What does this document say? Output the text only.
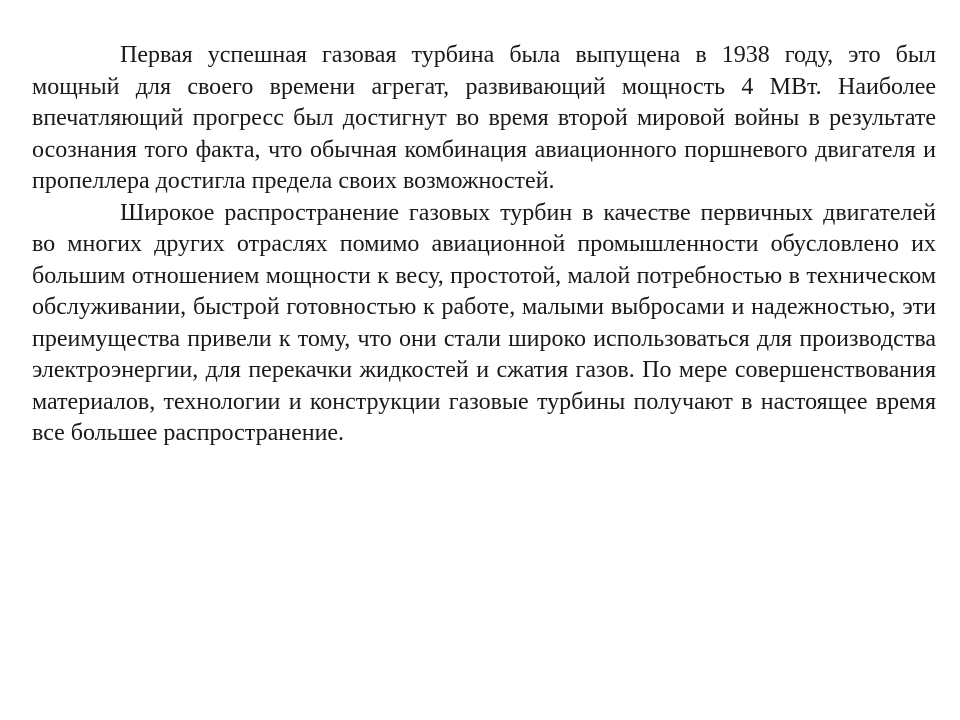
Первая успешная газовая турбина была выпущена в 1938 году, это был мощный для своего времени агрегат, развивающий мощность 4 МВт. Наиболее впечатляющий прогресс был достигнут во время второй мировой войны в результате осознания того факта, что обычная комбинация авиационного поршневого двигателя и пропеллера достигла предела своих возможностей.

Широкое распространение газовых турбин в качестве первичных двигателей во многих других отраслях помимо авиационной промышленности обусловлено их большим отношением мощности к весу, простотой, малой потребностью в техническом обслуживании, быстрой готовностью к работе, малыми выбросами и надежностью, эти преимущества привели к тому, что они стали широко использоваться для производства электроэнергии, для перекачки жидкостей и сжатия газов. По мере совершенствования материалов, технологии и конструкции газовые турбины получают в настоящее время все большее распространение.
